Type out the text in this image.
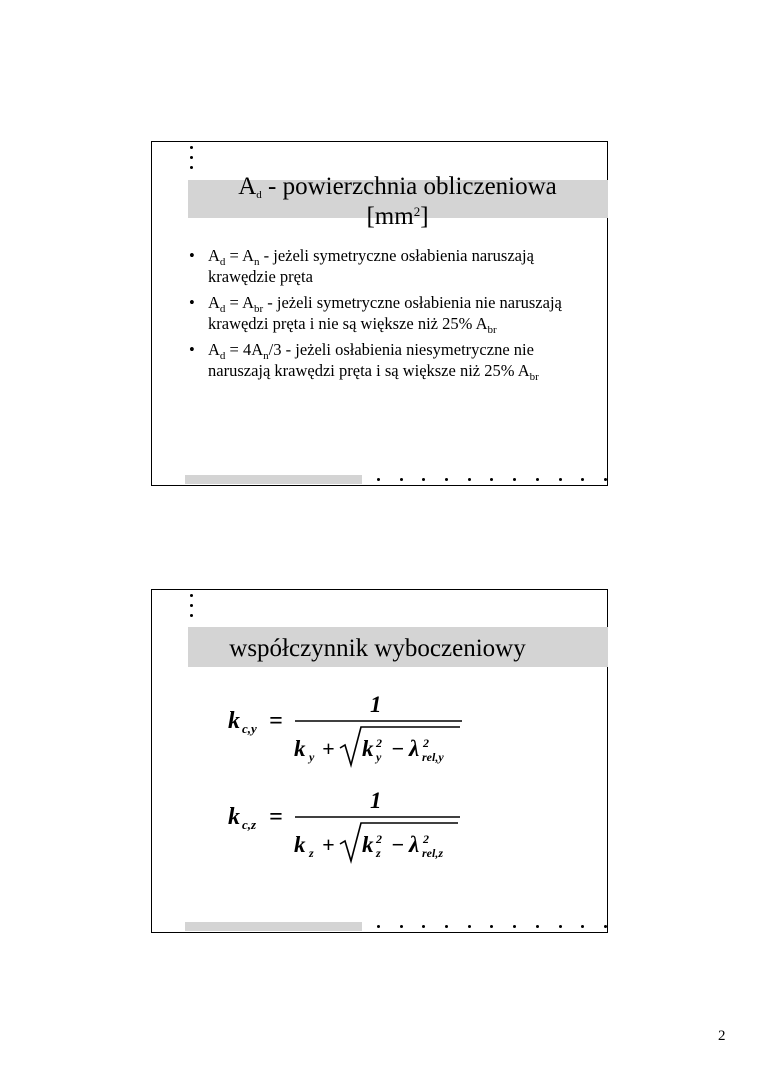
$A_d$ - powierzchnia obliczeniowa
$[mm^2]$
• $A_d = A_n$ - jeżeli symetryczne osłabienia naruszają krawędzie pręta
• $A_d = A_{br}$ - jeżeli symetryczne osłabienia nie naruszają krawędzi pręta i nie są większe niż 25% $A_{br}$
• $A_d = 4A_n/3$ - jeżeli osłabienia niesymetryczne nie naruszają krawędzi pręta i są większe niż 25% $A_{br}$
współczynnik wyboczeniowy
k c,y =
1
k y + k 2
y − λ 2
rel,y
k c,z =
1
k z + k 2
z − λ 2
rel,z
2
